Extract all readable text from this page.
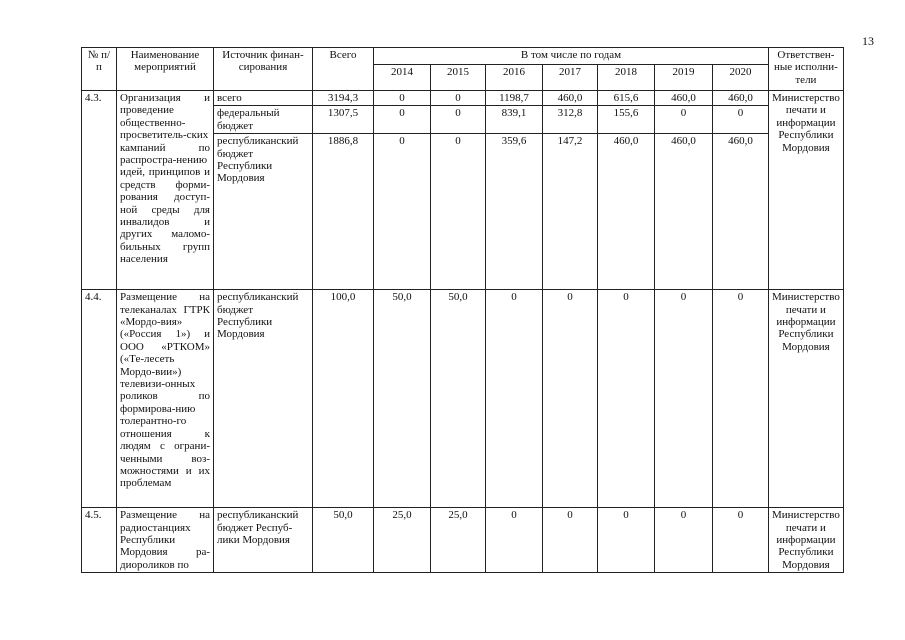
13
№ п/п	Наименование мероприятий	Источник финан-сирования	Всего	В том числе по годам							Ответствен-ные исполни-тели
				2014	2015	2016	2017	2018	2019	2020	
4.3.	Организация и проведение общественно-просветитель-ских кампаний по распростра-нению идей, принципов и средств форми-рования доступ-ной среды для инвалидов и других маломо-бильных групп населения	всего	3194,3	0	0	1198,7	460,0	615,6	460,0	460,0	Министерство печати и информации Республики Мордовия
		федеральный бюджет	1307,5	0	0	839,1	312,8	155,6	0	0	
		республиканский бюджет Республики Мордовия	1886,8	0	0	359,6	147,2	460,0	460,0	460,0	
4.4.	Размещение на телеканалах ГТРК «Мордо-вия» («Россия 1») и ООО «РТКОМ» («Те-лесеть Мордо-вии») телевизи-онных роликов по формирова-нию толерантно-го отношения к людям с ограни-ченными воз-можностями и их проблемам	республиканский бюджет Республики Мордовия	100,0	50,0	50,0	0	0	0	0	0	Министерство печати и информации Республики Мордовия
4.5.	Размещение на радиостанциях Республики Мордовия ра-диороликов по	республиканский бюджет Респуб-лики Мордовия	50,0	25,0	25,0	0	0	0	0	0	Министерство печати и информации Республики Мордовия
